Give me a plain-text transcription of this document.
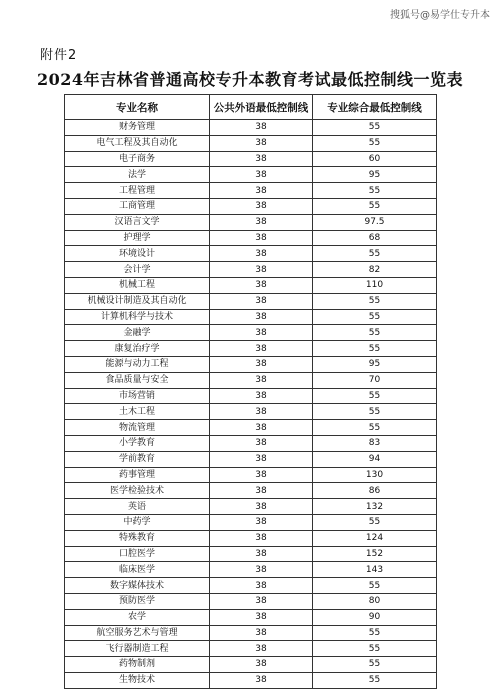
搜狐号@易学仕专升本
附件2
2024年吉林省普通高校专升本教育考试最低控制线一览表
专业名称	公共外语最低控制线	专业综合最低控制线
财务管理	38	55
电气工程及其自动化	38	55
电子商务	38	60
法学	38	95
工程管理	38	55
工商管理	38	55
汉语言文学	38	97.5
护理学	38	68
环境设计	38	55
会计学	38	82
机械工程	38	110
机械设计制造及其自动化	38	55
计算机科学与技术	38	55
金融学	38	55
康复治疗学	38	55
能源与动力工程	38	95
食品质量与安全	38	70
市场营销	38	55
土木工程	38	55
物流管理	38	55
小学教育	38	83
学前教育	38	94
药事管理	38	130
医学检验技术	38	86
英语	38	132
中药学	38	55
特殊教育	38	124
口腔医学	38	152
临床医学	38	143
数字媒体技术	38	55
预防医学	38	80
农学	38	90
航空服务艺术与管理	38	55
飞行器制造工程	38	55
药物制剂	38	55
生物技术	38	55
